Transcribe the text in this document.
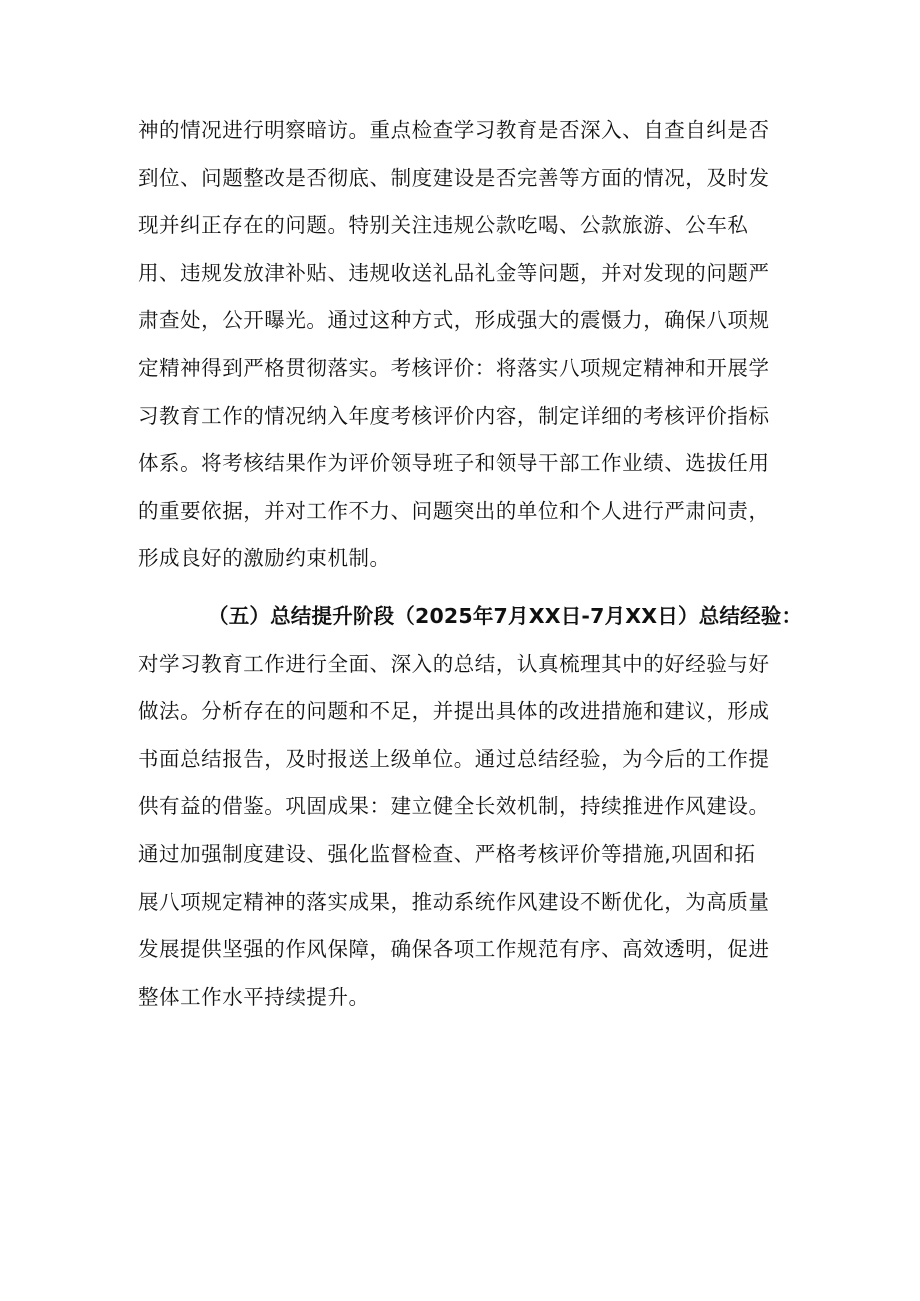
神的情况进行明察暗访。重点检查学习教育是否深入、自查自纠是否
到位、问题整改是否彻底、制度建设是否完善等方面的情况，及时发
现并纠正存在的问题。特别关注违规公款吃喝、公款旅游、公车私
用、违规发放津补贴、违规收送礼品礼金等问题，并对发现的问题严
肃查处，公开曝光。通过这种方式，形成强大的震慑力，确保八项规
定精神得到严格贯彻落实。考核评价：将落实八项规定精神和开展学
习教育工作的情况纳入年度考核评价内容，制定详细的考核评价指标
体系。将考核结果作为评价领导班子和领导干部工作业绩、选拔任用
的重要依据，并对工作不力、问题突出的单位和个人进行严肃问责，
形成良好的激励约束机制。
（五）总结提升阶段（2025年7月XX日-7月XX日）总结经验：
对学习教育工作进行全面、深入的总结，认真梳理其中的好经验与好
做法。分析存在的问题和不足，并提出具体的改进措施和建议，形成
书面总结报告，及时报送上级单位。通过总结经验，为今后的工作提
供有益的借鉴。巩固成果：建立健全长效机制，持续推进作风建设。
通过加强制度建设、强化监督检查、严格考核评价等措施,巩固和拓
展八项规定精神的落实成果，推动系统作风建设不断优化，为高质量
发展提供坚强的作风保障，确保各项工作规范有序、高效透明，促进
整体工作水平持续提升。
